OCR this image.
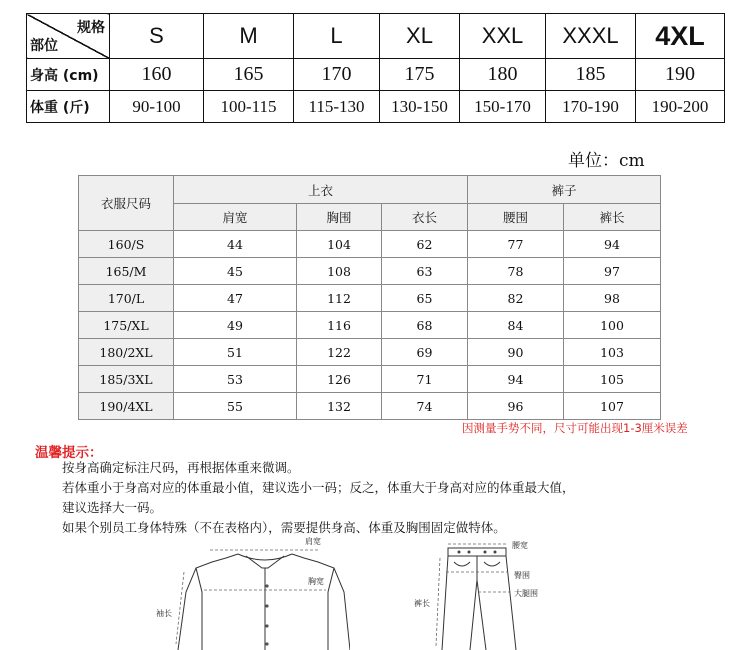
规格
部位	S	M	L	XL	XXL	XXXL	4XL
身高 (cm)	160	165	170	175	180	185	190
体重 (斤)	90-100	100-115	115-130	130-150	150-170	170-190	190-200
单位：cm
衣服尺码	上衣			裤子	
	肩宽	胸围	衣长	腰围	裤长
160/S	44	104	62	77	94
165/M	45	108	63	78	97
170/L	47	112	65	82	98
175/XL	49	116	68	84	100
180/2XL	51	122	69	90	103
185/3XL	53	126	71	94	105
190/4XL	55	132	74	96	107
因测量手势不同，尺寸可能出现1-3厘米误差
温馨提示：
按身高确定标注尺码，再根据体重来微调。
若体重小于身高对应的体重最小值，建议选小一码；反之，体重大于身高对应的体重最大值，
建议选择大一码。
如果个别员工身体特殊（不在表格内），需要提供身高、体重及胸围固定做特体。
肩宽
胸宽
袖长
腰宽
臀围
大腿围
裤长
